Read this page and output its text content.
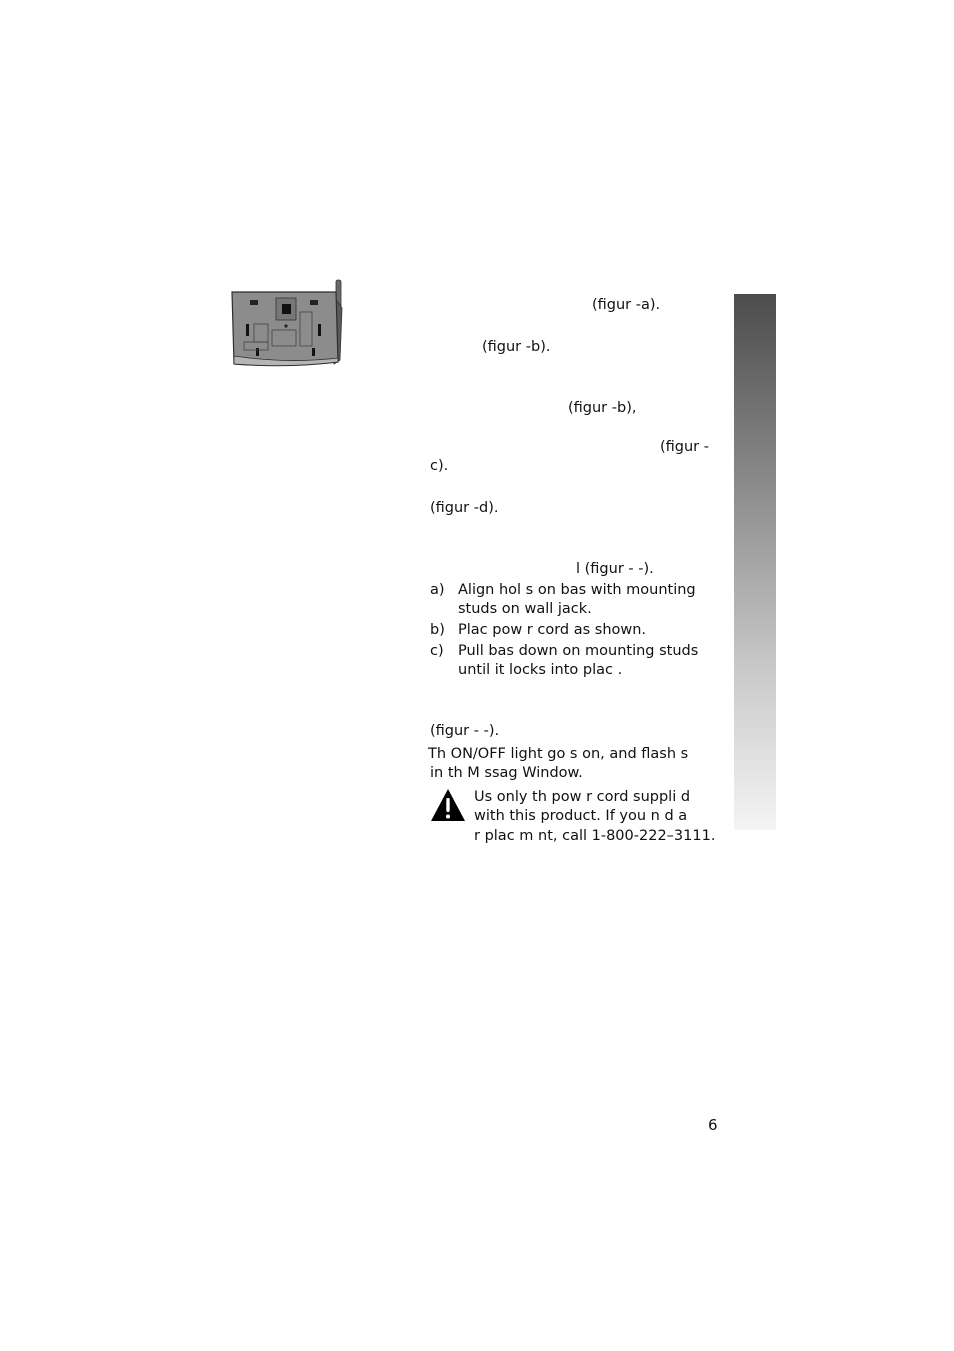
(figur -a).
(figur -b).
(figur -b),
(figur -
c).
(figur -d).
l (figur - -).
a) Align hol s on bas with mounting
studs on wall jack.
b) Plac pow r cord as shown.
c) Pull bas down on mounting studs
until it locks into plac .
(figur - -).
Th ON/OFF light go s on, and flash s
in th M ssag Window.
Us only th pow r cord suppli d
with this product. If you n d a
r plac m nt, call 1-800-222–3111.
6
